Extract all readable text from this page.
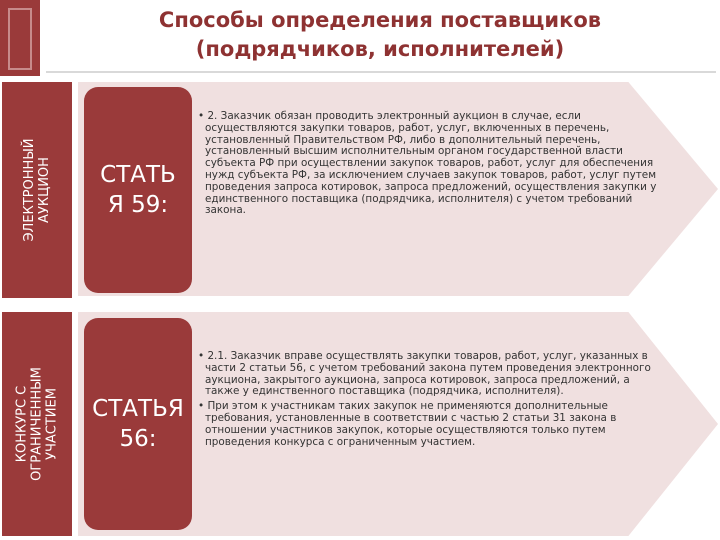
Способы определения поставщиков
(подрядчиков, исполнителей)
ЭЛЕКТРОННЫЙ
АУКЦИОН СТАТЬ
Я 59:
• 2. Заказчик обязан проводить электронный аукцион в случае, если осуществляются закупки товаров, работ, услуг, включенных в перечень, установленный Правительством РФ, либо в дополнительный перечень, установленный высшим исполнительным органом государственной власти субъекта РФ при осуществлении закупок товаров, работ, услуг для обеспечения нужд субъекта РФ, за исключением случаев закупок товаров, работ, услуг путем проведения запроса котировок, запроса предложений, осуществления закупки у единственного поставщика (подрядчика, исполнителя) с учетом требований закона.
КОНКУРС С
ОГРАНИЧЕННЫМ
УЧАСТИЕМ СТАТЬЯ
56:
• 2.1. Заказчик вправе осуществлять закупки товаров, работ, услуг, указанных в части 2 статьи 56, с учетом требований закона путем проведения электронного аукциона, закрытого аукциона, запроса котировок, запроса предложений, а также у единственного поставщика (подрядчика, исполнителя).
• При этом к участникам таких закупок не применяются дополнительные требования, установленные в соответствии с частью 2 статьи 31 закона в отношении участников закупок, которые осуществляются только путем проведения конкурса с ограниченным участием.
